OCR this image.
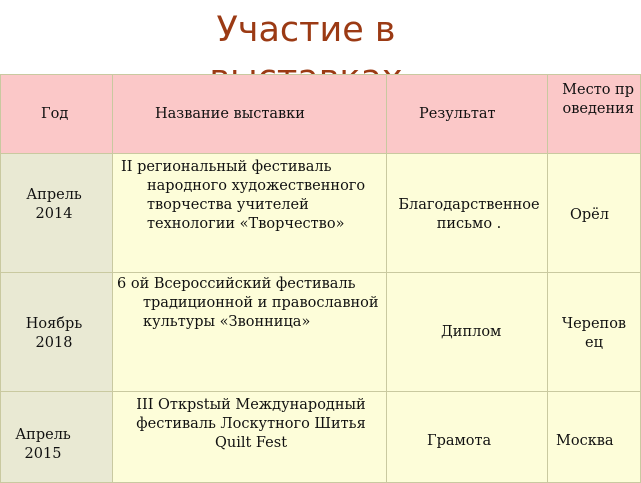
Участие в
Год	Название выставки	Результат	Место проведения

Апрель 2014	II региональный фестиваль народного художественного творчества учителей технологии «Творчество»	Благодарственное письмо .	Орёл

Ноябрь 2018	6 ой Всероссийский фестиваль традиционной и православной культуры «Звонница»	Диплом	Череповец

Апрель 2015	III Открstый Международный фестиваль Лоскутного Шитья Quilt Fest	Грамота	Москва
